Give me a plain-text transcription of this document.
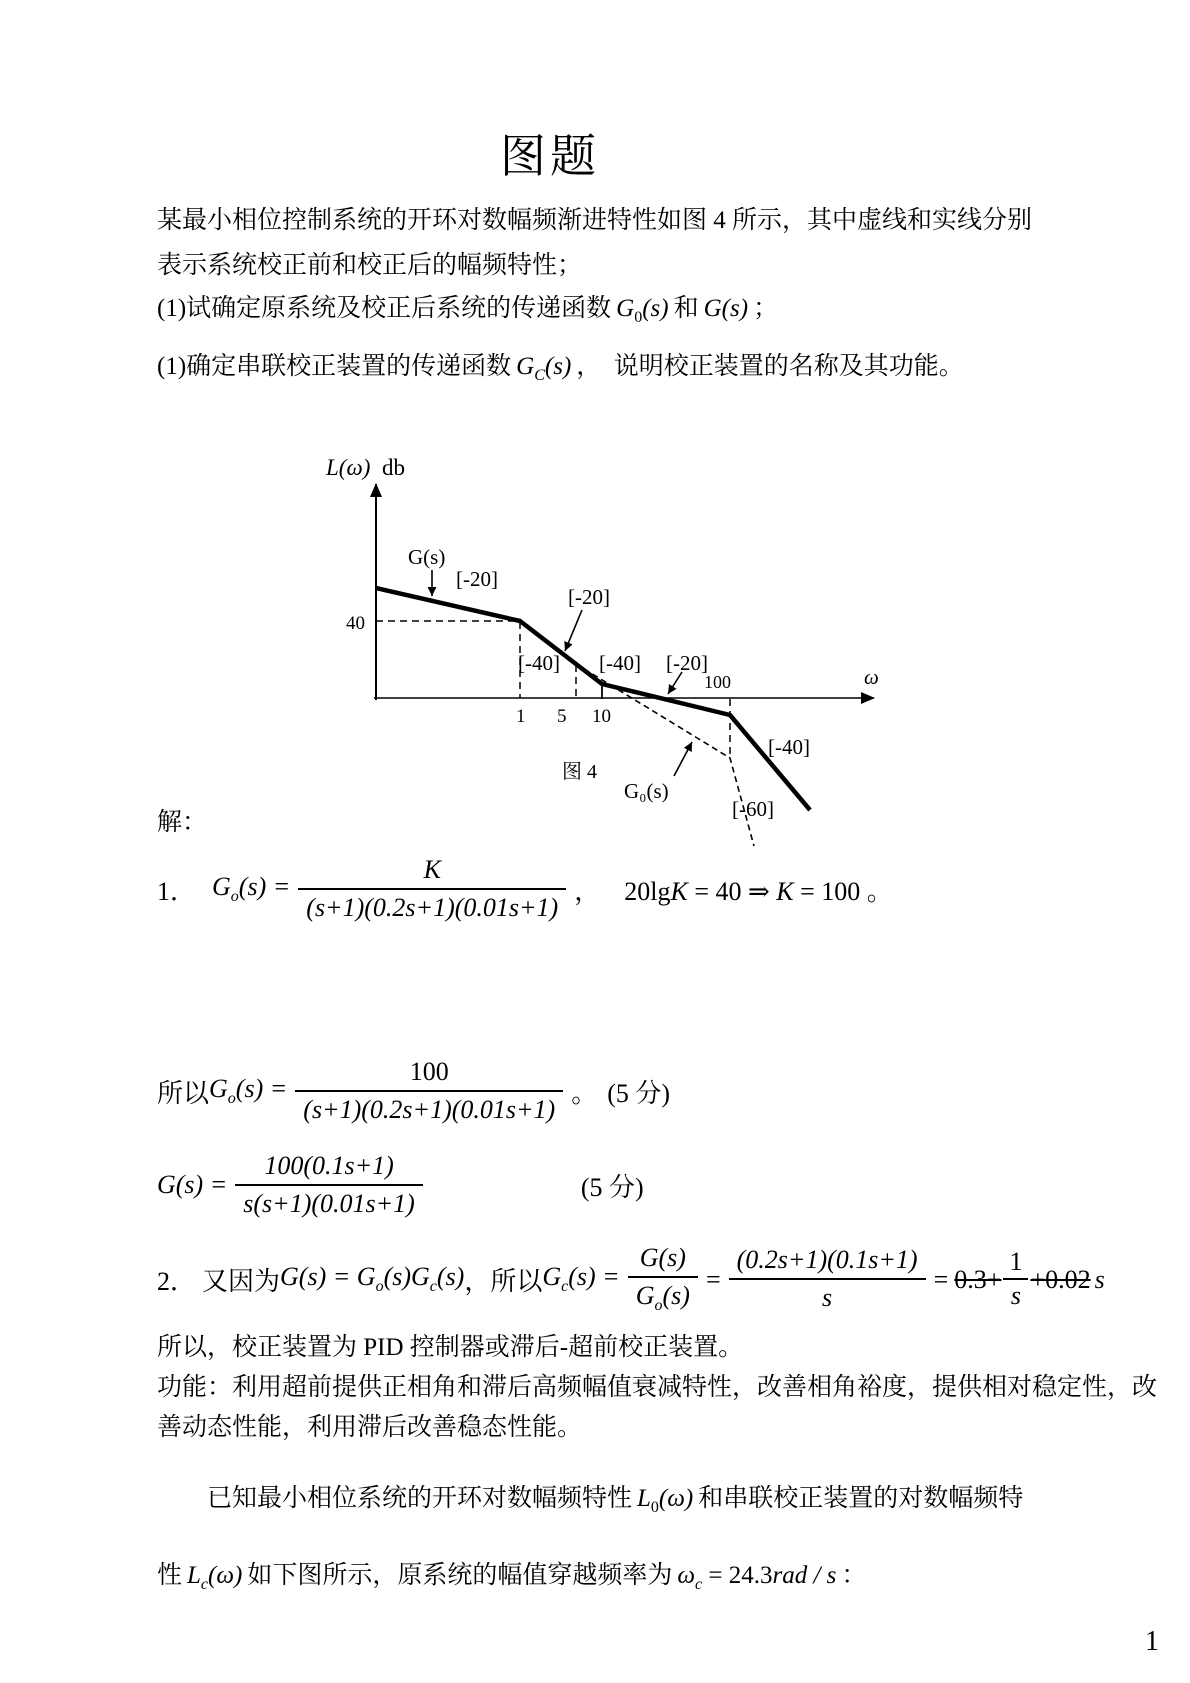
图题
某最小相位控制系统的开环对数幅频渐进特性如图 4 所示，其中虚线和实线分别
表示系统校正前和校正后的幅频特性；
(1)试确定原系统及校正后系统的传递函数 $G_0(s)$ 和 G(s) ；
(1)确定串联校正装置的传递函数 $G_C(s)$ ，　说明校正装置的名称及其功能。
L(ω) db
40
G(s)
[-20]
[-20]
[-40] [-40] [-20]
100
1 5 10
ω
[-40]
G₀(s)
[-60]
图 4
解：
1． $G_o(s) = \frac{K}{(s+1)(0.2s+1)(0.01s+1)}$ ， 20lgK = 40 ⇒ K = 100 。
所以 $G_o(s) = \frac{100}{(s+1)(0.2s+1)(0.01s+1)}$ 。 (5 分)
$G(s) = \frac{100(0.1s+1)}{s(s+1)(0.01s+1)}$	(5 分)
2． 又因为 $G(s) = G_o(s)G_c(s)$ ，所以 $G_c(s) = \frac{G(s)}{G_o(s)} = \frac{(0.2s+1)(0.1s+1)}{s} = 0.3+ \frac{1}{s} +0.02$ s
所以，校正装置为 PID 控制器或滞后-超前校正装置。
功能：利用超前提供正相角和滞后高频幅值衰减特性，改善相角裕度，提供相对稳定性，改
善动态性能，利用滞后改善稳态性能。
已知最小相位系统的开环对数幅频特性 $L_0(\omega)$ 和串联校正装置的对数幅频特
性 $L_c(\omega)$ 如下图所示，原系统的幅值穿越频率为 $\omega_c = 24.3rad / s$ ：
1
